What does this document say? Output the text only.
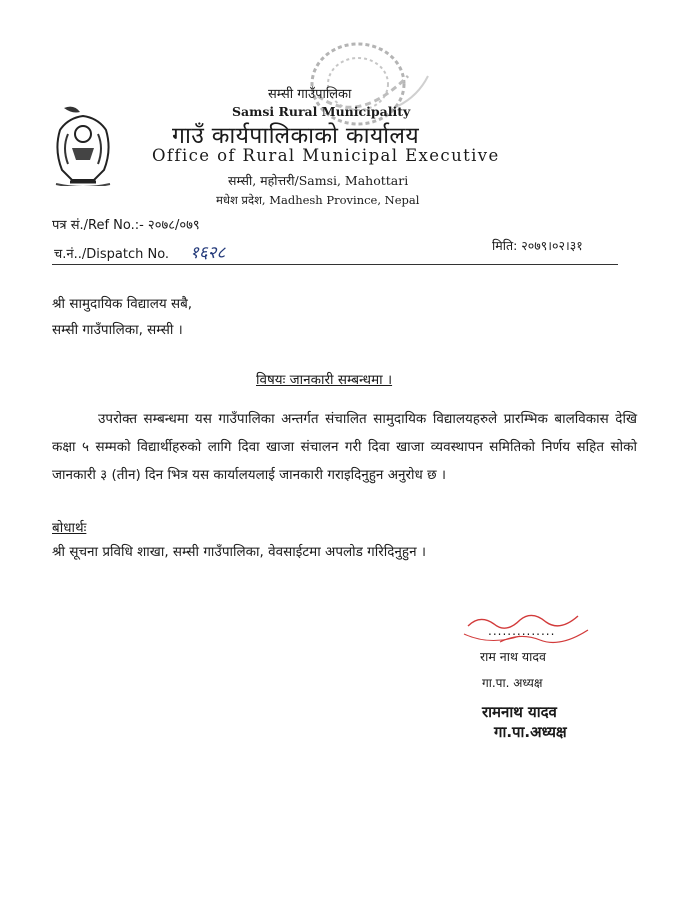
सम्सी गाउँपालिका
Samsi Rural Municipality
गाउँ कार्यपालिकाको कार्यालय
Office of Rural Municipal Executive
सम्सी, महोत्तरी/Samsi, Mahottari
मधेश प्रदेश, Madhesh Province, Nepal
पत्र सं./Ref No.:- २०७८/०७९
च.नं../Dispatch No. १६२८	मिति: २०७९।०२।३१
श्री सामुदायिक विद्यालय सबै,
सम्सी गाउँपालिका, सम्सी ।
विषयः जानकारी सम्बन्धमा ।
उपरोक्त सम्बन्धमा यस गाउँपालिका अन्तर्गत संचालित सामुदायिक विद्यालयहरुले प्रारम्भिक बालविकास देखि कक्षा ५ सम्मको विद्यार्थीहरुको लागि दिवा खाजा संचालन गरी दिवा खाजा व्यवस्थापन समितिको निर्णय सहित सोको जानकारी ३ (तीन) दिन भित्र यस कार्यालयलाई जानकारी गराइदिनुहुन अनुरोध छ ।
बोधार्थः
श्री सूचना प्रविधि शाखा, सम्सी गाउँपालिका, वेवसाईटमा अपलोड गरिदिनुहुन ।
..............
राम नाथ यादव
गा.पा. अध्यक्ष
रामनाथ यादव
गा.पा.अध्यक्ष
